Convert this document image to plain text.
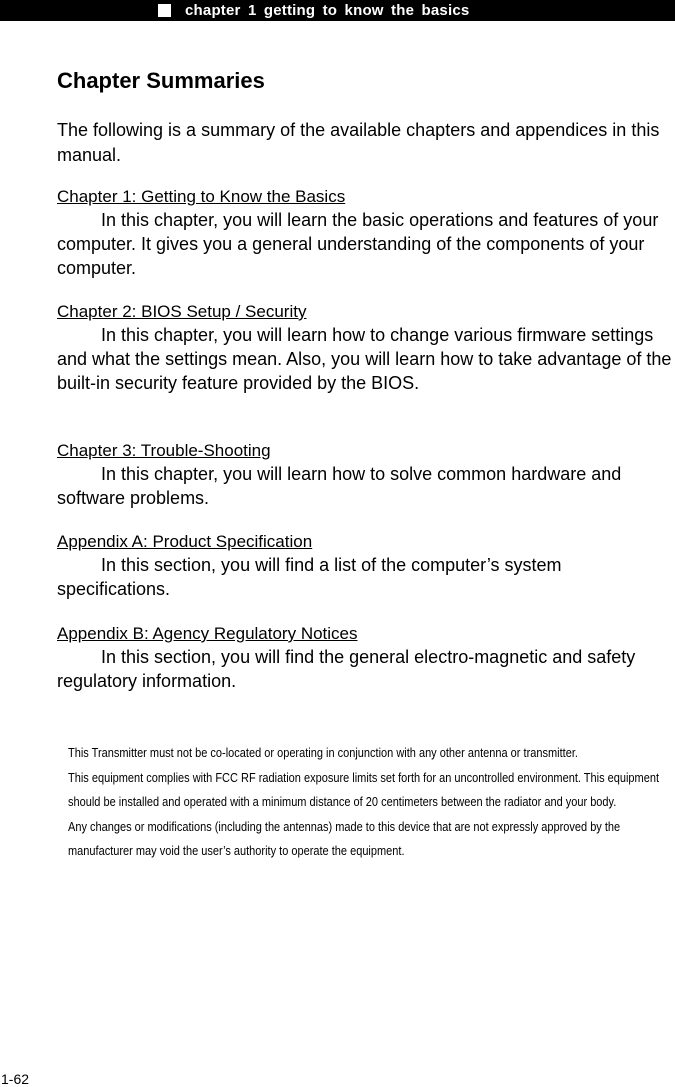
chapter 1 getting to know the basics
Chapter Summaries

The following is a summary of the available chapters and appendices in this manual.

Chapter 1: Getting to Know the Basics

In this chapter, you will learn the basic operations and features of your computer. It gives you a general understanding of the components of your computer.

Chapter 2: BIOS Setup / Security

In this chapter, you will learn how to change various firmware settings and what the settings mean. Also, you will learn how to take advantage of the built-in security feature provided by the BIOS.

Chapter 3: Trouble-Shooting

In this chapter, you will learn how to solve common hardware and software problems.

Appendix A: Product Specification

In this section, you will find a list of the computer’s system specifications.

Appendix B: Agency Regulatory Notices

In this section, you will find the general electro-magnetic and safety regulatory information.

This Transmitter must not be co-located or operating in conjunction with any other antenna or transmitter.

This equipment complies with FCC RF radiation exposure limits set forth for an uncontrolled environment. This equipment should be installed and operated with a minimum distance of 20 centimeters between the radiator and your body.

Any changes or modifications (including the antennas) made to this device that are not expressly approved by the manufacturer may void the user’s authority to operate the equipment.

1-62
